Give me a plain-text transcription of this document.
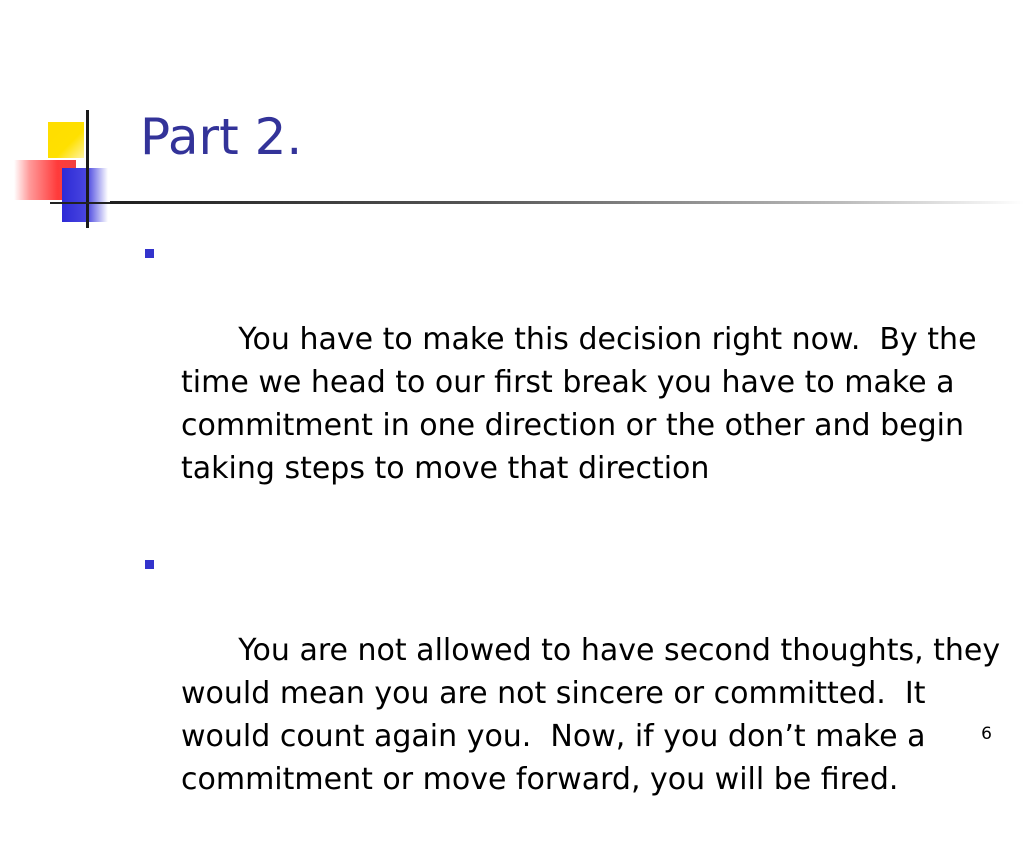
Part 2.

You have to make this decision right now.  By the time we head to our first break you have to make a commitment in one direction or the other and begin taking steps to move that direction

You are not allowed to have second thoughts, they would mean you are not sincere or committed.  It would count again you.  Now, if you don’t make a commitment or move forward, you will be fired.

6
